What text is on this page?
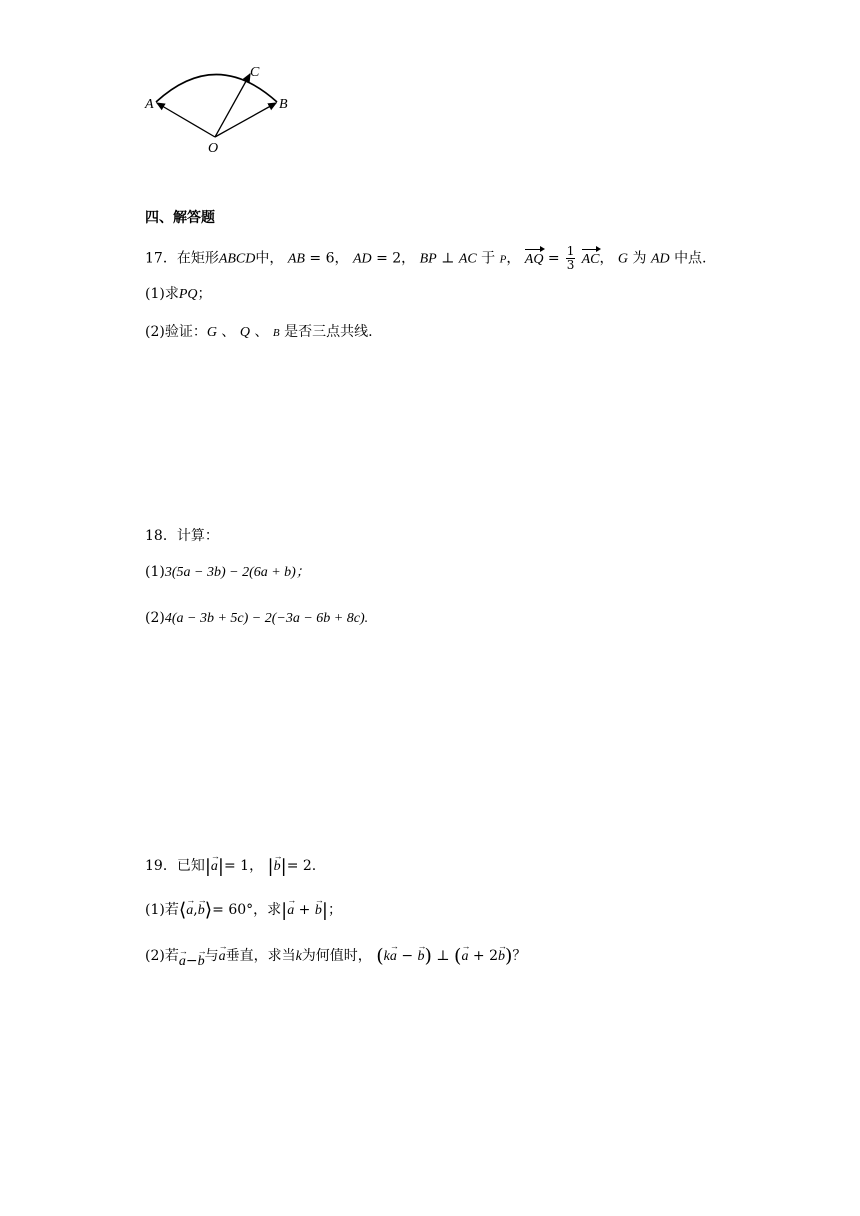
A	B
C
O
四、解答题
17．在矩形ABCD中， AB = 6， AD = 2， BP ⊥ AC 于 P， AQ = $\frac{1}{3}$ AC， G 为 AD 中点.
(1)求PQ；
(2)验证：G 、 Q 、 B 是否三点共线.
18．计算：
(1)3(5a − 3b) − 2(6a + b)；
(2)4(a − 3b + 5c) − 2(−3a − 6b + 8c).
19．已知|→ a|= 1， |→ b|= 2.
(1)若⟨→ a,→ b⟩= 60°，求|→ a + → b|；
(2)若→ a−→ b与→ a垂直，求当k为何值时， (k→ a − → b) ⊥ (→ a + 2→ b)？
